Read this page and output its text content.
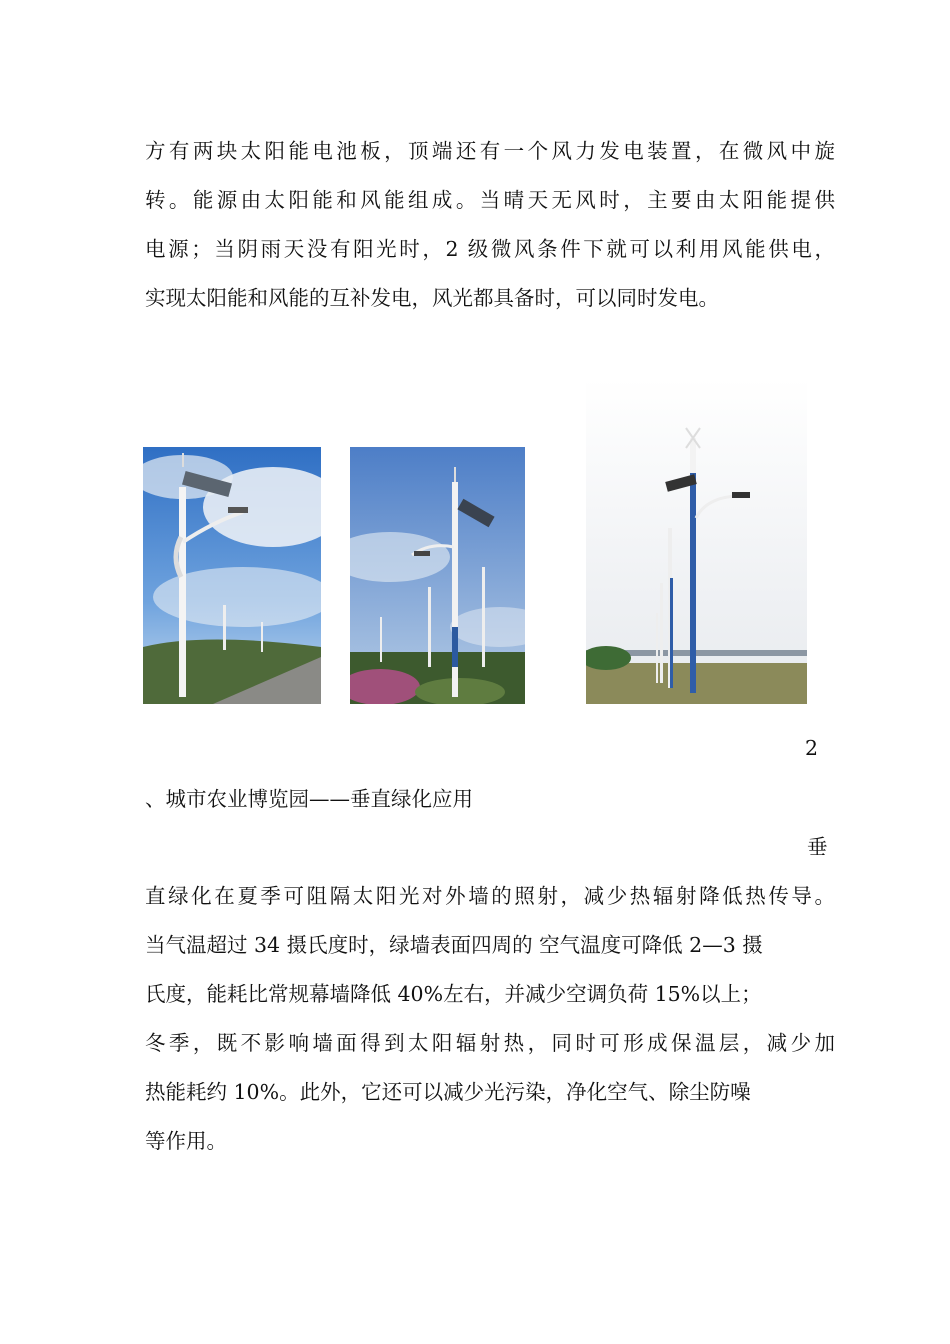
方有两块太阳能电池板，顶端还有一个风力发电装置，在微风中旋
转。能源由太阳能和风能组成。当晴天无风时，主要由太阳能提供
电源；当阴雨天没有阳光时，2 级微风条件下就可以利用风能供电，
实现太阳能和风能的互补发电，风光都具备时，可以同时发电。
2
、城市农业博览园——垂直绿化应用
垂
直绿化在夏季可阻隔太阳光对外墙的照射，减少热辐射降低热传导。
当气温超过 34 摄氏度时，绿墙表面四周的 空气温度可降低 2—3 摄
氏度，能耗比常规幕墙降低 40%左右，并减少空调负荷 15%以上；
冬季，既不影响墙面得到太阳辐射热，同时可形成保温层，减少加
热能耗约 10%。此外，它还可以减少光污染，净化空气、除尘防噪
等作用。
